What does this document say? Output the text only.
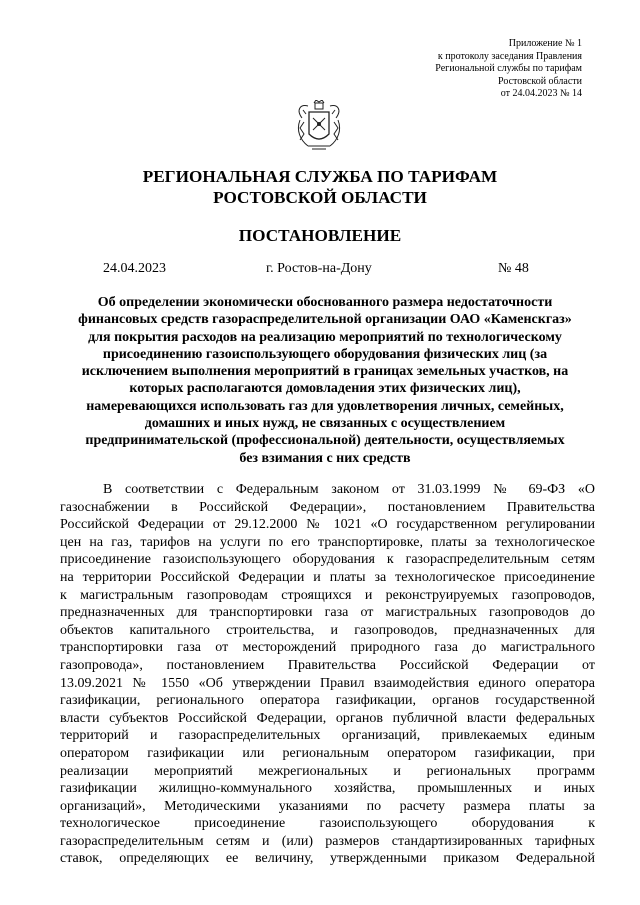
Приложение № 1
к протоколу заседания Правления
Региональной службы по тарифам
Ростовской области
от 24.04.2023 № 14
РЕГИОНАЛЬНАЯ СЛУЖБА ПО ТАРИФАМ
РОСТОВСКОЙ ОБЛАСТИ
ПОСТАНОВЛЕНИЕ
24.04.2023	г. Ростов-на-Дону	№ 48
Об определении экономически обоснованного размера недостаточности
финансовых средств газораспределительной организации ОАО «Каменскгаз»
для покрытия расходов на реализацию мероприятий по технологическому
присоединению газоиспользующего оборудования физических лиц (за
исключением выполнения мероприятий в границах земельных участков, на
которых располагаются домовладения этих физических лиц),
намеревающихся использовать газ для удовлетворения личных, семейных,
домашних и иных нужд, не связанных с осуществлением
предпринимательской (профессиональной) деятельности, осуществляемых
без взимания с них средств
В соответствии с Федеральным законом от 31.03.1999 № 69-ФЗ «О
газоснабжении в Российской Федерации», постановлением Правительства
Российской Федерации от 29.12.2000 № 1021 «О государственном регулировании
цен на газ, тарифов на услуги по его транспортировке, платы за технологическое
присоединение газоиспользующего оборудования к газораспределительным сетям
на территории Российской Федерации и платы за технологическое присоединение
к магистральным газопроводам строящихся и реконструируемых газопроводов,
предназначенных для транспортировки газа от магистральных газопроводов до
объектов капитального строительства, и газопроводов, предназначенных для
транспортировки газа от месторождений природного газа до магистрального
газопровода», постановлением Правительства Российской Федерации от
13.09.2021 № 1550 «Об утверждении Правил взаимодействия единого оператора
газификации, регионального оператора газификации, органов государственной
власти субъектов Российской Федерации, органов публичной власти федеральных
территорий и газораспределительных организаций, привлекаемых единым
оператором газификации или региональным оператором газификации, при
реализации мероприятий межрегиональных и региональных программ
газификации жилищно-коммунального хозяйства, промышленных и иных
организаций», Методическими указаниями по расчету размера платы за
технологическое присоединение газоиспользующего оборудования к
газораспределительным сетям и (или) размеров стандартизированных тарифных
ставок, определяющих ее величину, утвержденными приказом Федеральной
